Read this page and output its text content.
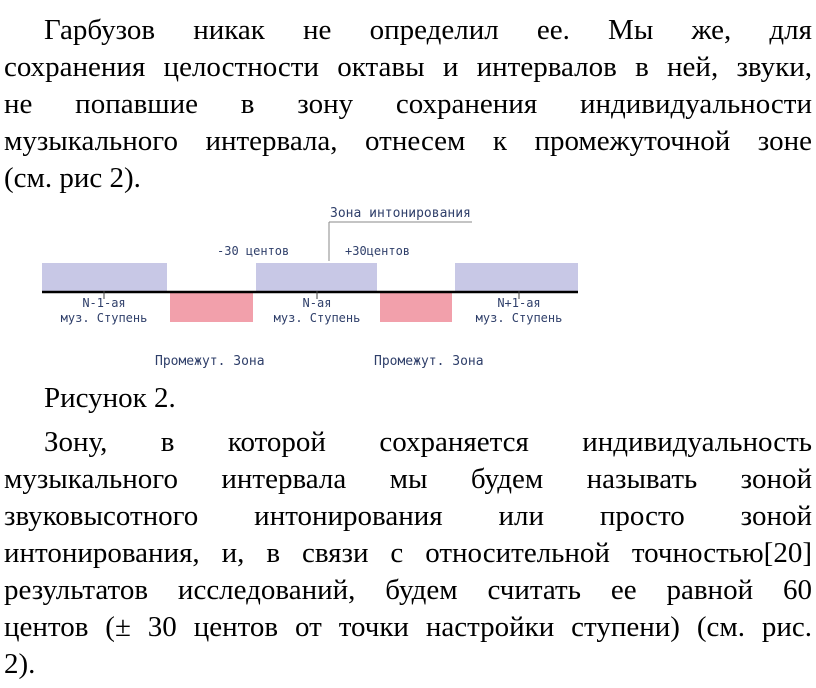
Гарбузов никак не определил ее. Мы же, для
сохранения целостности октавы и интервалов в ней, звуки,
не попавшие в зону сохранения индивидуальности
музыкального интервала, отнесем к промежуточной зоне
(см. рис 2).
Зона интонирования
-30 центов	+30центов
N-1-ая
муз. Ступень
N-ая
муз. Ступень
N+1-ая
муз. Ступень
Промежут. Зона	Промежут. Зона

Рисунок 2.

Зону, в которой сохраняется индивидуальность
музыкального интервала мы будем называть зоной
звуковысотного интонирования или просто зоной
интонирования, и, в связи с относительной точностью[20]
результатов исследований, будем считать ее равной 60
центов (± 30 центов от точки настройки ступени) (см. рис.
2).
